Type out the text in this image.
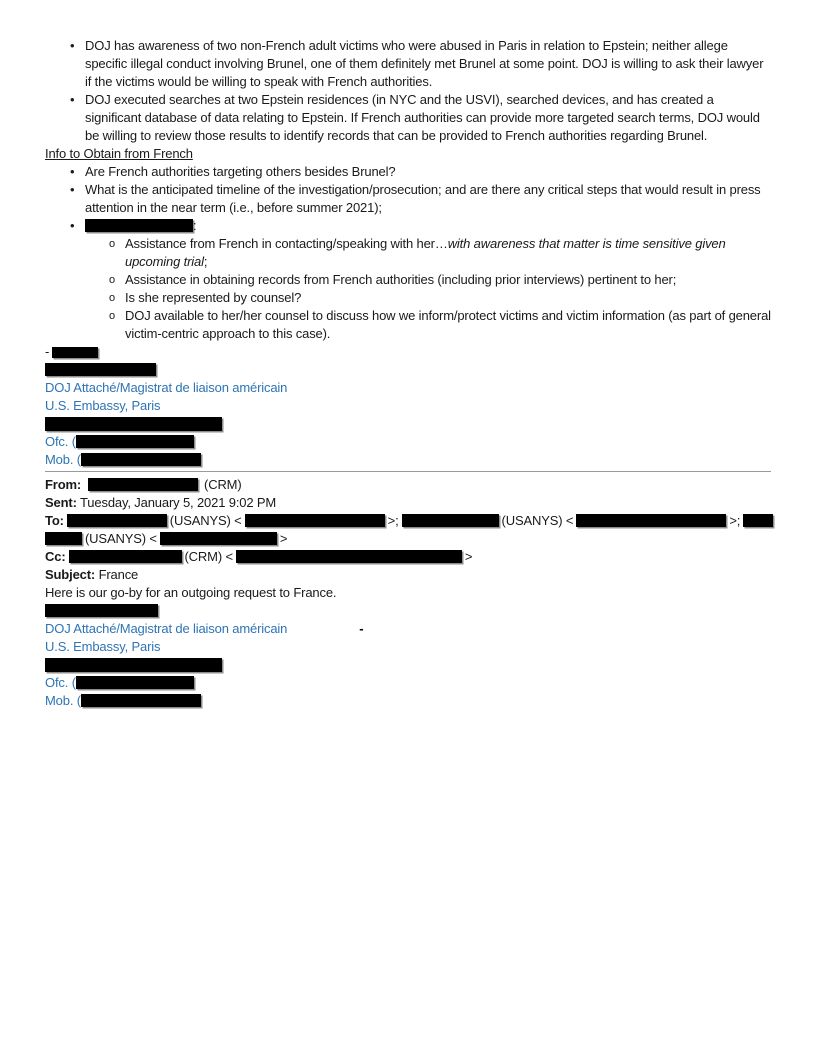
• DOJ has awareness of two non-French adult victims who were abused in Paris in relation to Epstein; neither allege specific illegal conduct involving Brunel, one of them definitely met Brunel at some point. DOJ is willing to ask their lawyer if the victims would be willing to speak with French authorities.
• DOJ executed searches at two Epstein residences (in NYC and the USVI), searched devices, and has created a significant database of data relating to Epstein. If French authorities can provide more targeted search terms, DOJ would be willing to review those results to identify records that can be provided to French authorities regarding Brunel.
Info to Obtain from French
• Are French authorities targeting others besides Brunel?
• What is the anticipated timeline of the investigation/prosecution; and are there any critical steps that would result in press attention in the near term (i.e., before summer 2021);
• :
o Assistance from French in contacting/speaking with her…with awareness that matter is time sensitive given upcoming trial;
o Assistance in obtaining records from French authorities (including prior interviews) pertinent to her;
o Is she represented by counsel?
o DOJ available to her/her counsel to discuss how we inform/protect victims and victim information (as part of general victim-centric approach to this case).
-
DOJ Attaché/Magistrat de liaison américain
U.S. Embassy, Paris
Ofc. (
Mob. (
From:	(CRM)
Sent: Tuesday, January 5, 2021 9:02 PM
To:	(USANYS) <	>;	(USANYS) <	>;
(USANYS) <	>
Cc:	(CRM) <	>
Subject: France
Here is our go-by for an outgoing request to France.
DOJ Attaché/Magistrat de liaison américain	-
U.S. Embassy, Paris
Ofc. (
Mob. (
